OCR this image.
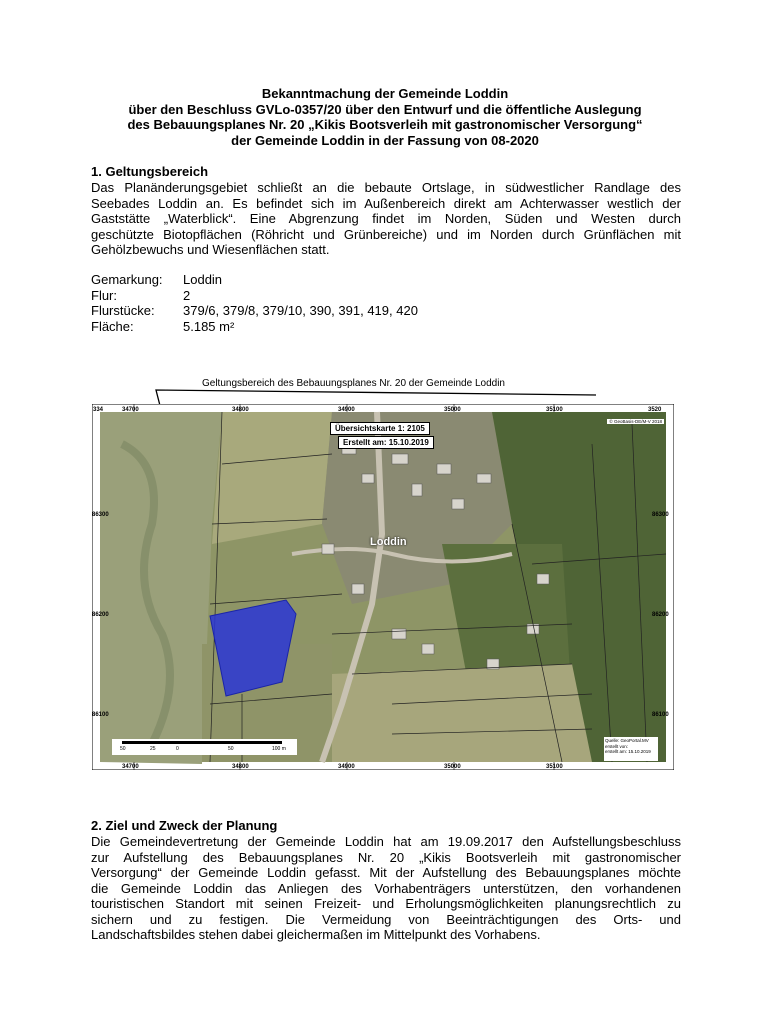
Bekanntmachung der Gemeinde Loddin
über den Beschluss GVLo-0357/20 über den Entwurf und die öffentliche Auslegung
des Bebauungsplanes Nr. 20 „Kikis Bootsverleih mit gastronomischer Versorgung“
der Gemeinde Loddin in der Fassung von 08-2020
1. Geltungsbereich
Das Planänderungsgebiet schließt an die bebaute Ortslage, in südwestlicher Randlage des
Seebades Loddin an. Es befindet sich im Außenbereich direkt am Achterwasser westlich der
Gaststätte „Waterblick“. Eine Abgrenzung findet im Norden, Süden und Westen durch
geschützte Biotopflächen (Röhricht und Grünbereiche) und im Norden durch Grünflächen mit
Gehölzbewuchs und Wiesenflächen statt.
Gemarkung:	Loddin
Flur:	2
Flurstücke:	379/6, 379/8, 379/10, 390, 391, 419, 420
Fläche:	5.185 m²
Geltungsbereich des Bebauungsplanes Nr. 20 der Gemeinde Loddin
334	3520
34700	34800	34900	35000	35100
34700	34800	34900	35000	35100
86300
86200
86100
86300
86200
86100
Übersichtskarte 1: 2105
Erstellt am: 15.10.2019
© GeoBasis-DE/M-V 2018
Loddin
50	25	0	50	100 m
Quelle: GeoPortal.MV
erstellt von:
erstellt am: 15.10.2019
2. Ziel und Zweck der Planung
Die Gemeindevertretung der Gemeinde Loddin hat am 19.09.2017 den Aufstellungsbeschluss
zur Aufstellung des Bebauungsplanes Nr. 20 „Kikis Bootsverleih mit gastronomischer
Versorgung“ der Gemeinde Loddin gefasst. Mit der Aufstellung des Bebauungsplanes möchte
die Gemeinde Loddin das Anliegen des Vorhabenträgers unterstützen, den vorhandenen
touristischen Standort mit seinen Freizeit- und Erholungsmöglichkeiten planungsrechtlich zu
sichern und zu festigen. Die Vermeidung von Beeinträchtigungen des Orts- und
Landschaftsbildes stehen dabei gleichermaßen im Mittelpunkt des Vorhabens.
